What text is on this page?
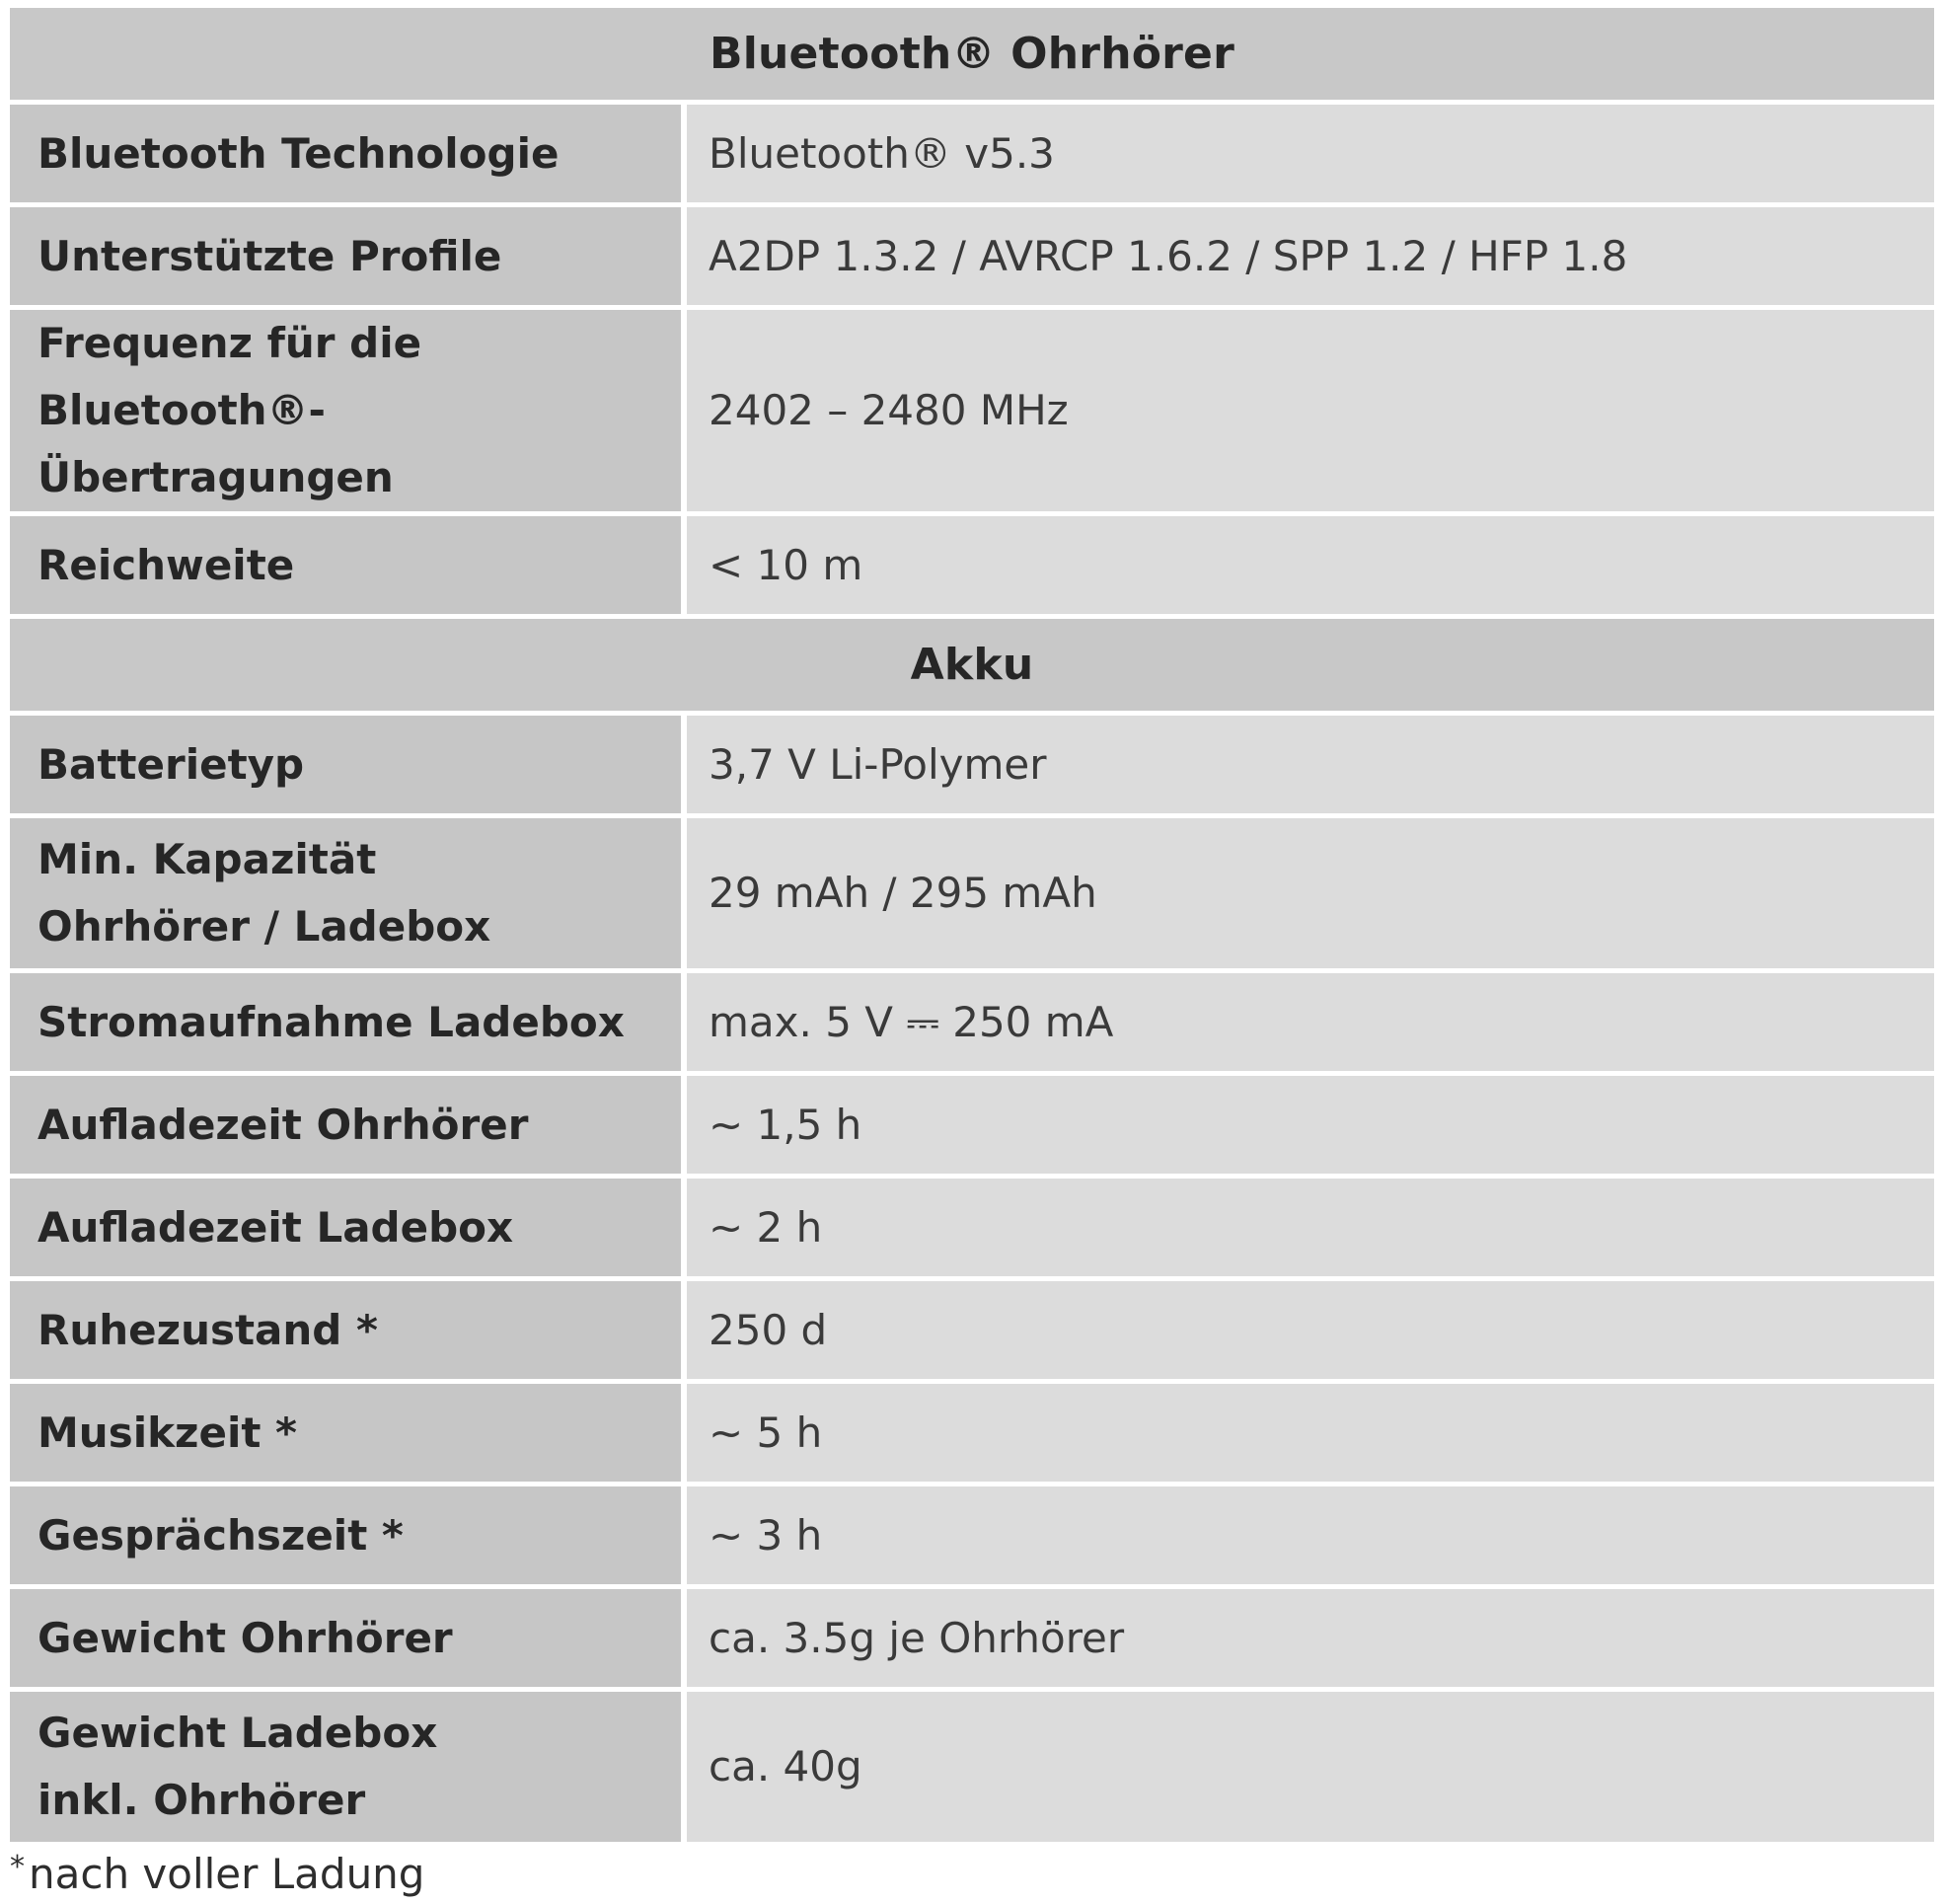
Bluetooth® Ohrhörer	
Bluetooth Technologie	Bluetooth® v5.3
Unterstützte Profile	A2DP 1.3.2 / AVRCP 1.6.2 / SPP 1.2 / HFP 1.8

Frequenz für die Bluetooth®-
Übertragungen	2402 – 2480 MHz
Reichweite	< 10 m
Akku	
Batterietyp	3,7 V Li-Polymer

Min. Kapazität
Ohrhörer / Ladebox	29 mAh / 295 mAh
Stromaufnahme Ladebox	max. 5 V ⎓ 250 mA
Aufladezeit Ohrhörer	~ 1,5 h
Aufladezeit Ladebox	~ 2 h
Ruhezustand *	250 d
Musikzeit *	~ 5 h
Gesprächszeit *	~ 3 h
Gewicht Ohrhörer	ca. 3.5g je Ohrhörer

Gewicht Ladebox
inkl. Ohrhörer	ca. 40g
*nach voller Ladung
